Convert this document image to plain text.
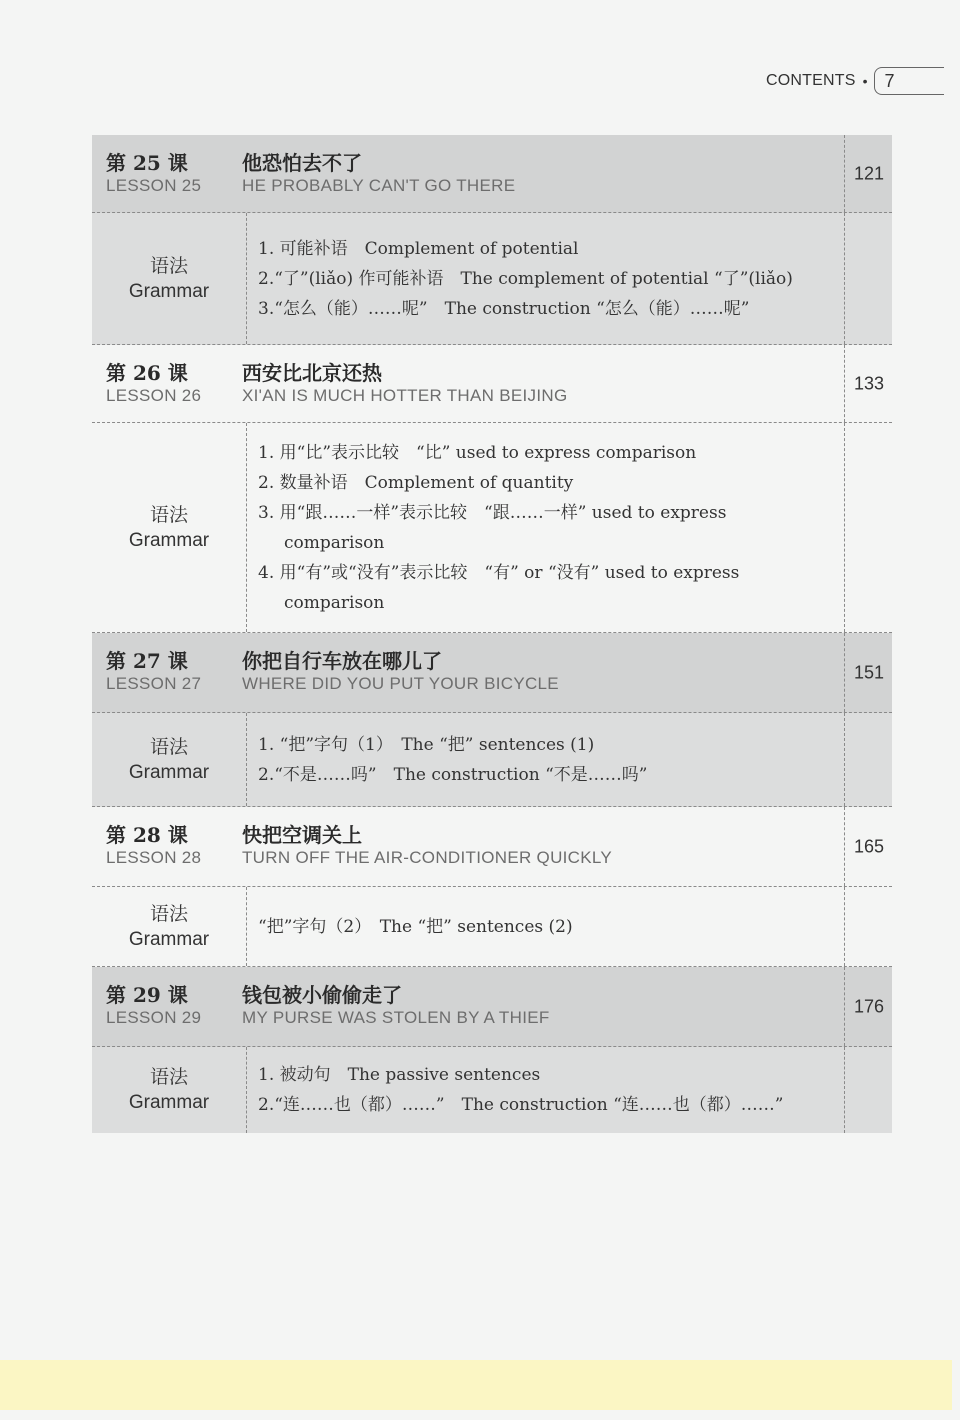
CONTENTS • 7
第 25 课
LESSON 25
他恐怕去不了
HE PROBABLY CAN'T GO THERE
121
语法
Grammar
1. 可能补语　Complement of potential
2.“了”(liǎo) 作可能补语　The complement of potential “了”(liǎo)
3.“怎么（能）……呢”　The construction “怎么（能）……呢”
第 26 课
LESSON 26
西安比北京还热
XI'AN IS MUCH HOTTER THAN BEIJING
133
语法
Grammar
1. 用“比”表示比较　“比” used to express comparison
2. 数量补语　Complement of quantity
3. 用“跟……一样”表示比较　“跟……一样” used to express comparison
4. 用“有”或“没有”表示比较　“有” or “没有” used to express comparison
第 27 课
LESSON 27
你把自行车放在哪儿了
WHERE DID YOU PUT YOUR BICYCLE
151
语法
Grammar
1. “把”字句（1）　The “把” sentences (1)
2.“不是……吗”　The construction “不是……吗”
第 28 课
LESSON 28
快把空调关上
TURN OFF THE AIR-CONDITIONER QUICKLY
165
语法
Grammar
“把”字句（2）　The “把” sentences (2)
第 29 课
LESSON 29
钱包被小偷偷走了
MY PURSE WAS STOLEN BY A THIEF
176
语法
Grammar
1. 被动句　The passive sentences
2.“连……也（都）……”　The construction “连……也（都）……”
